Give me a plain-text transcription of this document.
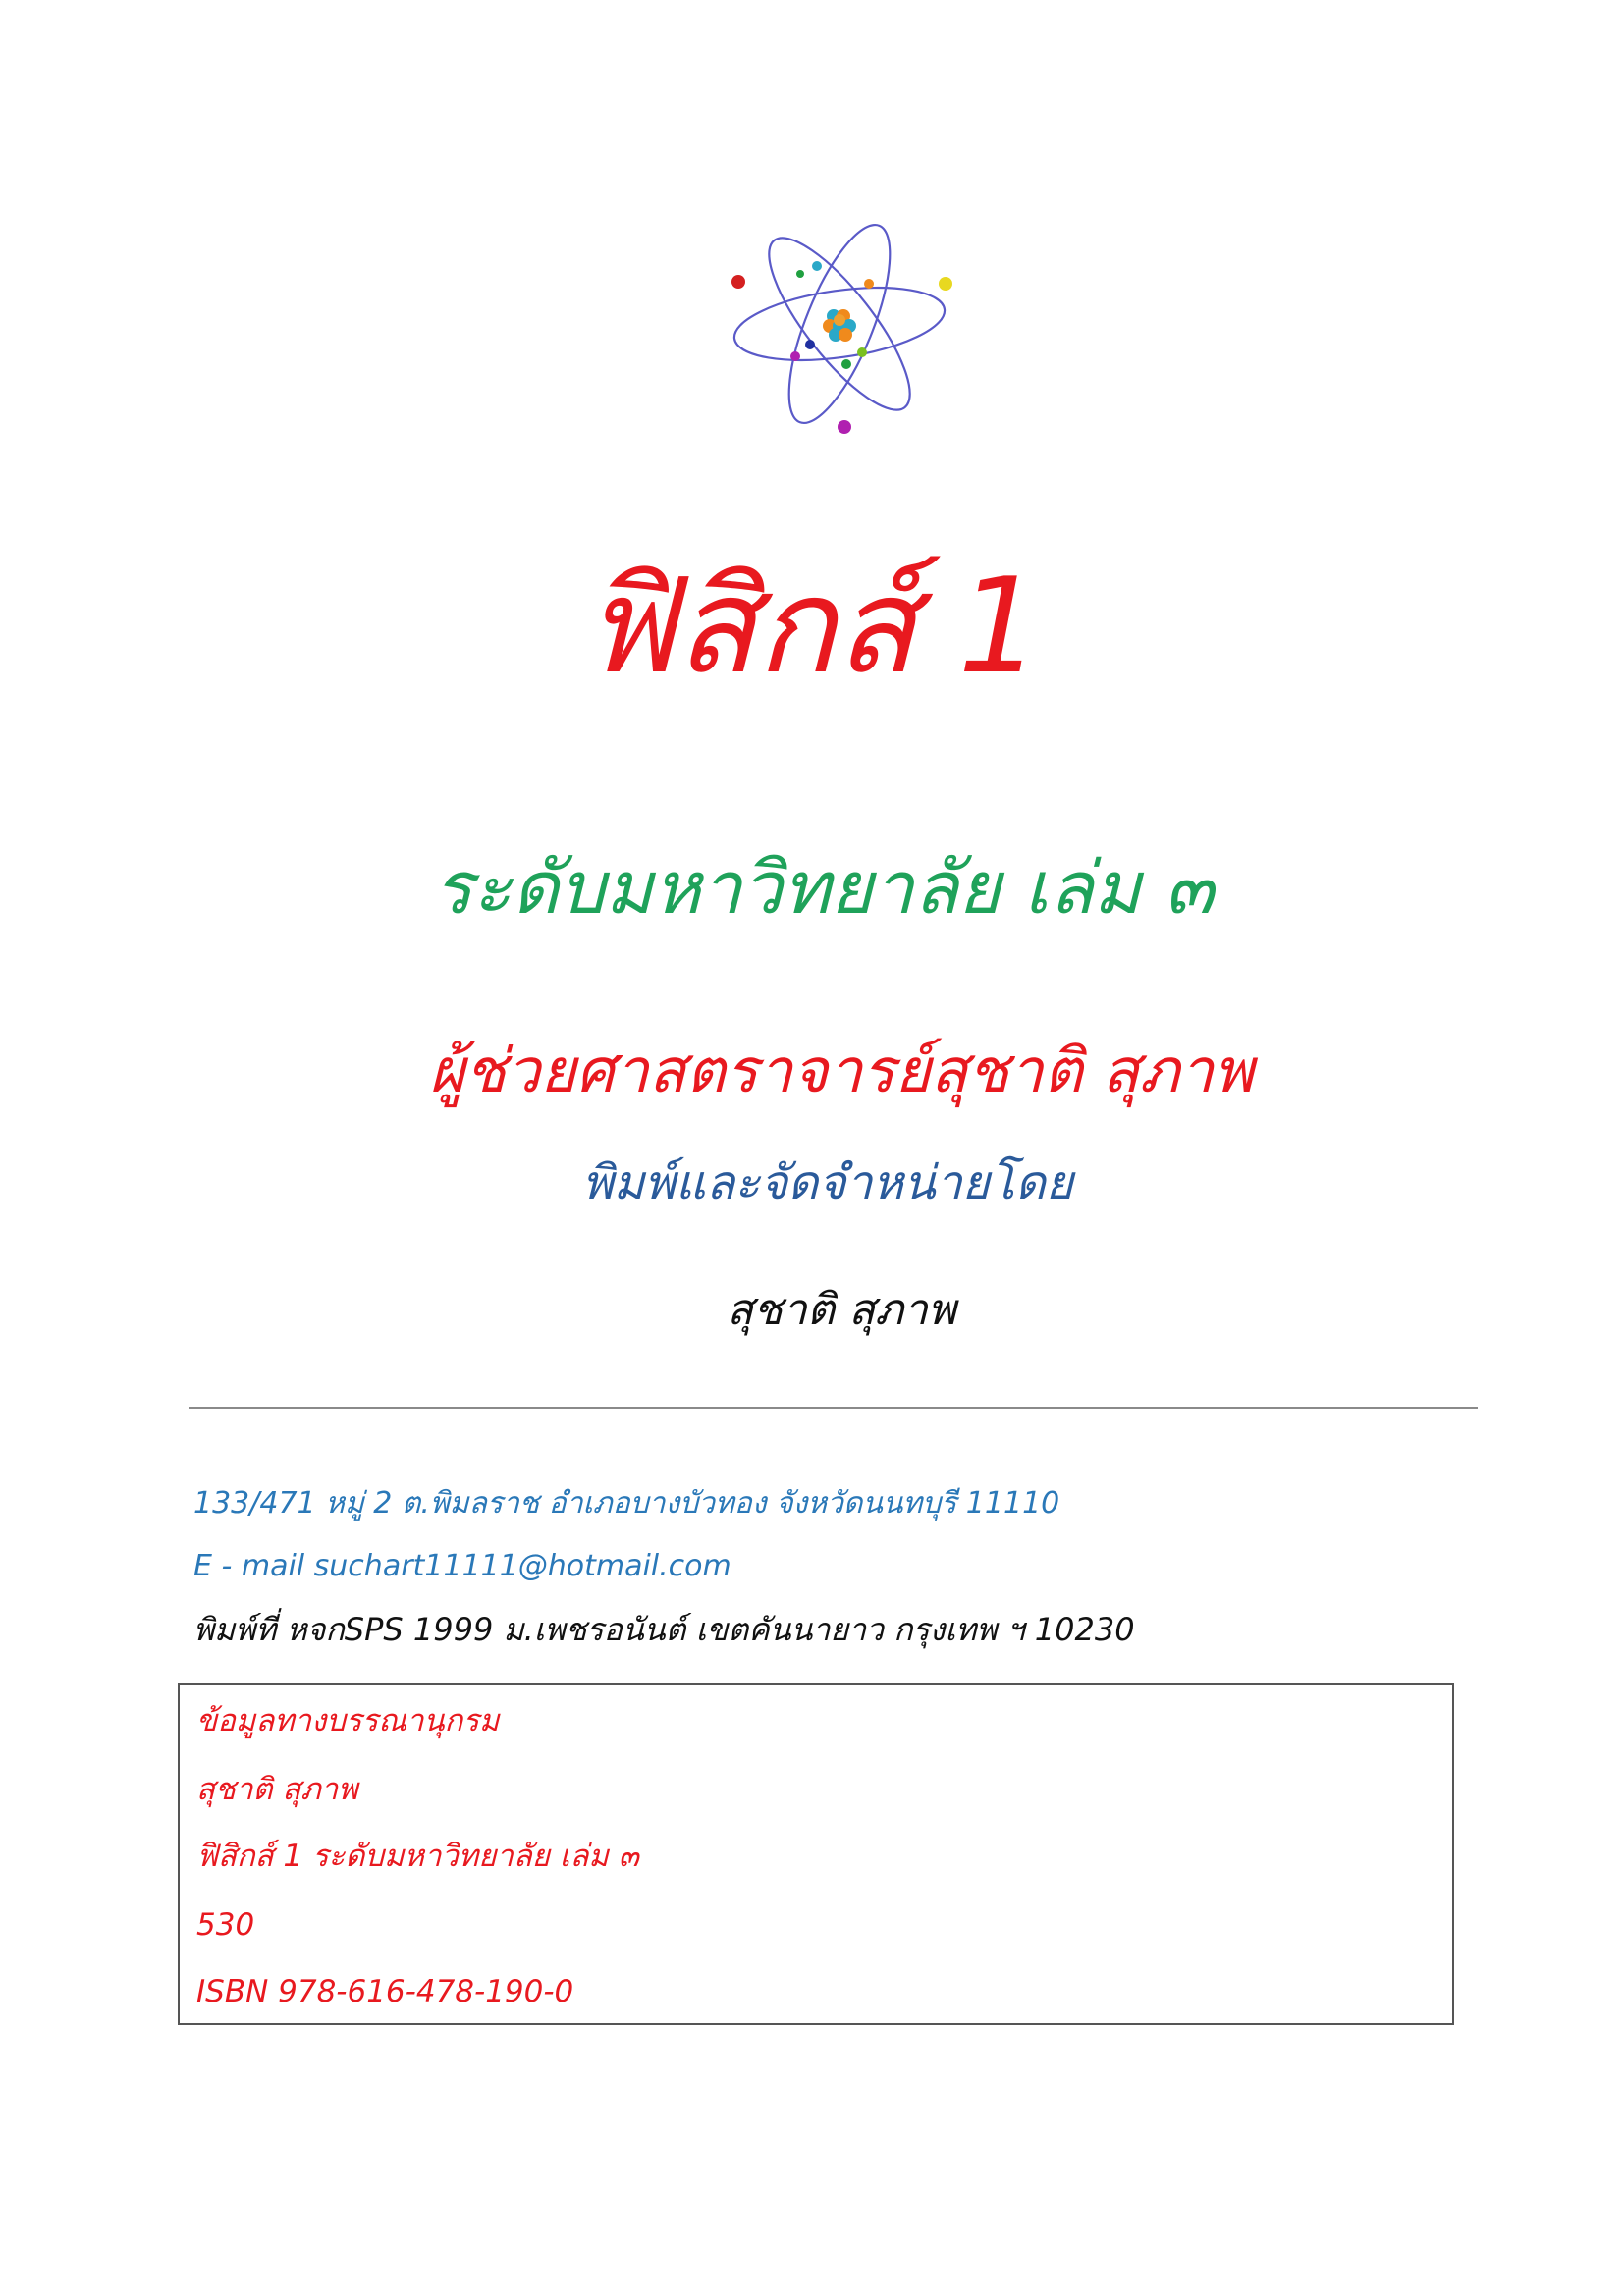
ฟิสิกส์ 1
ระดับมหาวิทยาลัย เล่ม ๓
ผู้ช่วยศาสตราจารย์สุชาติ สุภาพ
พิมพ์และจัดจำหน่ายโดย
สุชาติ สุภาพ
133/471 หมู่ 2 ต.พิมลราช อำเภอบางบัวทอง จังหวัดนนทบุรี 11110
E - mail suchart11111@hotmail.com
พิมพ์ที่ หจกSPS 1999 ม.เพชรอนันต์ เขตคันนายาว กรุงเทพ ฯ 10230
ข้อมูลทางบรรณานุกรม
สุชาติ สุภาพ
ฟิสิกส์ 1 ระดับมหาวิทยาลัย เล่ม ๓
530
ISBN 978-616-478-190-0
